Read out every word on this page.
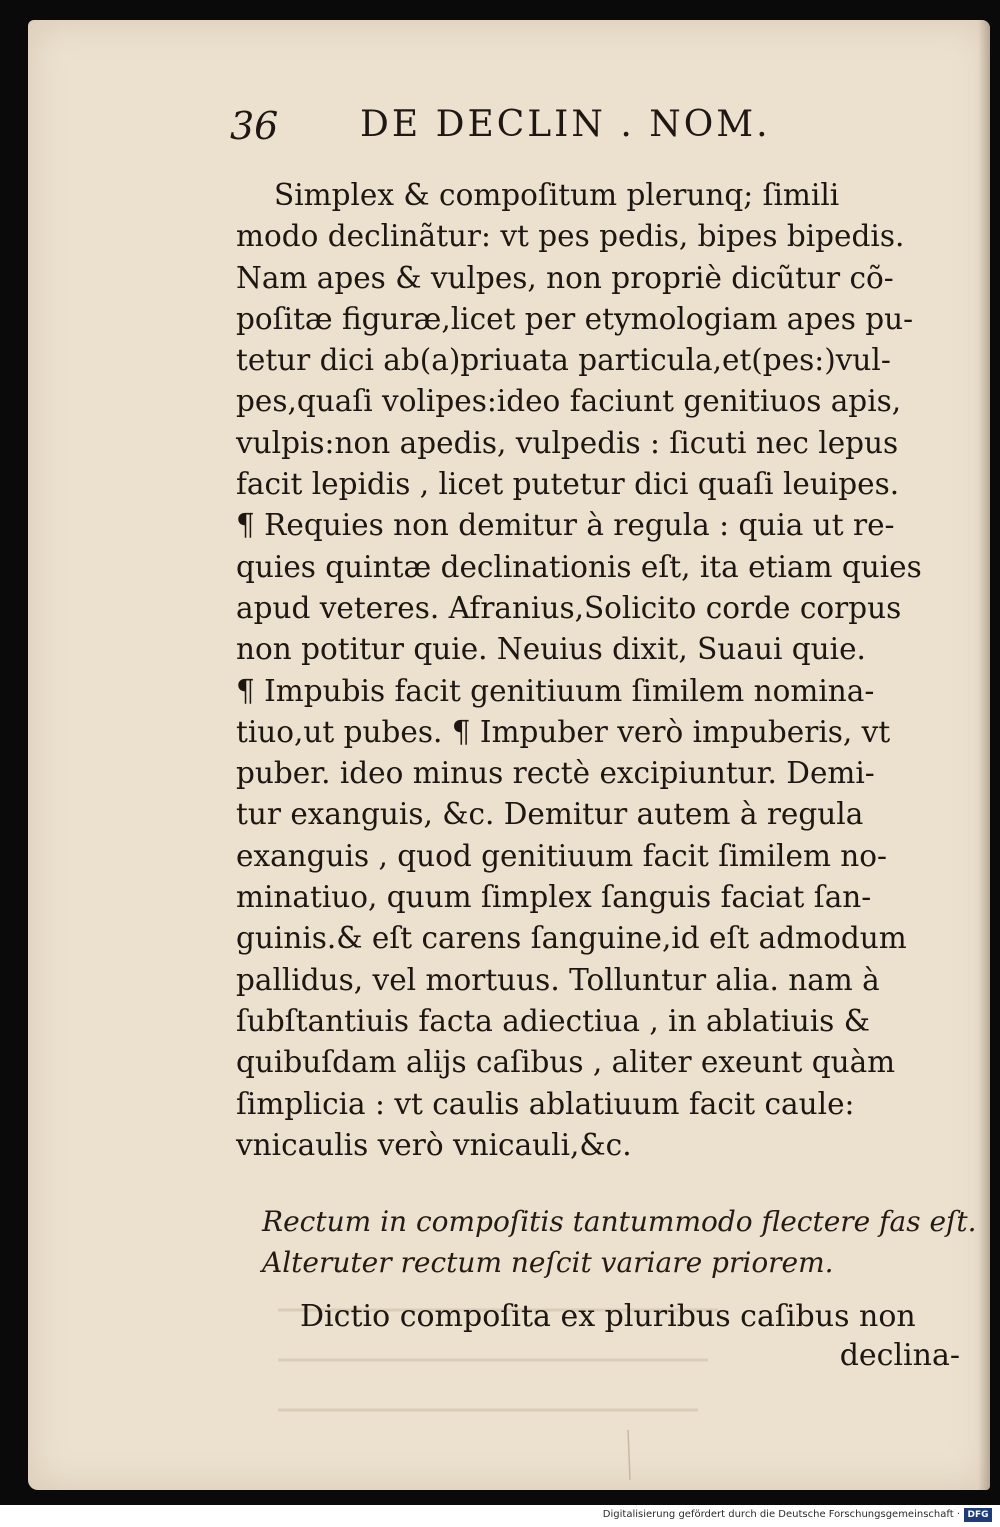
36 DE DECLIN . NOM.
Simplex & compoſitum plerunq; ſimili
modo declinãtur: vt pes pedis, bipes bipedis.
Nam apes & vulpes, non propriè dicũtur cõ-
poſitæ figuræ,licet per etymologiam apes pu-
tetur dici ab(a)priuata particula,et(pes:)vul-
pes,quaſi volipes:ideo faciunt genitiuos apis,
vulpis:non apedis, vulpedis : ſicuti nec lepus
facit lepidis , licet putetur dici quaſi leuipes.
¶ Requies non demitur à regula : quia ut re-
quies quintæ declinationis eſt, ita etiam quies
apud veteres. Afranius,Solicito corde corpus
non potitur quie. Neuius dixit, Suaui quie.
¶ Impubis facit genitiuum ſimilem nomina-
tiuo,ut pubes. ¶ Impuber verò impuberis, vt
puber. ideo minus rectè excipiuntur. Demi-
tur exanguis, &c. Demitur autem à regula
exanguis , quod genitiuum facit ſimilem no-
minatiuo, quum ſimplex ſanguis faciat ſan-
guinis.& eſt carens ſanguine,id eſt admodum
pallidus, vel mortuus. Tolluntur alia. nam à
ſubſtantiuis facta adiectiua , in ablatiuis &
quibuſdam alijs caſibus , aliter exeunt quàm
ſimplicia : vt caulis ablatiuum facit caule:
vnicaulis verò vnicauli,&c.
Rectum in compoſitis tantummodo flectere fas eſt.
Alteruter rectum neſcit variare priorem.
Dictio compoſita ex pluribus caſibus non
declina-
Digitalisierung gefördert durch die Deutsche Forschungsgemeinschaft · DFG
